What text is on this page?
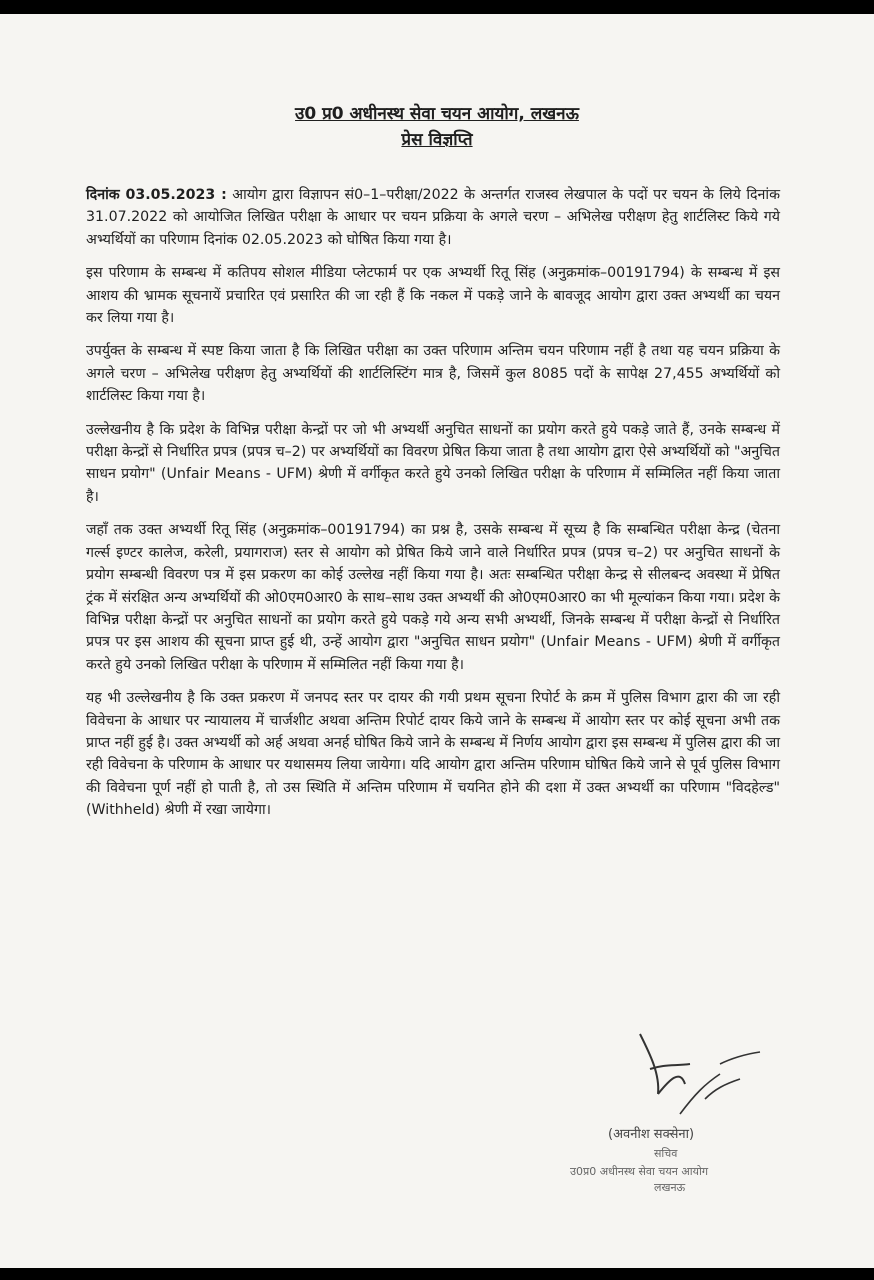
उ0 प्र0 अधीनस्थ सेवा चयन आयोग, लखनऊ
प्रेस विज्ञप्ति

दिनांक 03.05.2023 : आयोग द्वारा विज्ञापन सं0–1–परीक्षा/2022 के अन्तर्गत राजस्व लेखपाल के पदों पर चयन के लिये दिनांक 31.07.2022 को आयोजित लिखित परीक्षा के आधार पर चयन प्रक्रिया के अगले चरण – अभिलेख परीक्षण हेतु शार्टलिस्ट किये गये अभ्यर्थियों का परिणाम दिनांक 02.05.2023 को घोषित किया गया है।

इस परिणाम के सम्बन्ध में कतिपय सोशल मीडिया प्लेटफार्म पर एक अभ्यर्थी रितू सिंह (अनुक्रमांक–00191794) के सम्बन्ध में इस आशय की भ्रामक सूचनायें प्रचारित एवं प्रसारित की जा रही हैं कि नकल में पकड़े जाने के बावजूद आयोग द्वारा उक्त अभ्यर्थी का चयन कर लिया गया है।

उपर्युक्त के सम्बन्ध में स्पष्ट किया जाता है कि लिखित परीक्षा का उक्त परिणाम अन्तिम चयन परिणाम नहीं है तथा यह चयन प्रक्रिया के अगले चरण – अभिलेख परीक्षण हेतु अभ्यर्थियों की शार्टलिस्टिंग मात्र है, जिसमें कुल 8085 पदों के सापेक्ष 27,455 अभ्यर्थियों को शार्टलिस्ट किया गया है।

उल्लेखनीय है कि प्रदेश के विभिन्न परीक्षा केन्द्रों पर जो भी अभ्यर्थी अनुचित साधनों का प्रयोग करते हुये पकड़े जाते हैं, उनके सम्बन्ध में परीक्षा केन्द्रों से निर्धारित प्रपत्र (प्रपत्र च–2) पर अभ्यर्थियों का विवरण प्रेषित किया जाता है तथा आयोग द्वारा ऐसे अभ्यर्थियों को "अनुचित साधन प्रयोग" (Unfair Means - UFM) श्रेणी में वर्गीकृत करते हुये उनको लिखित परीक्षा के परिणाम में सम्मिलित नहीं किया जाता है।

जहाँ तक उक्त अभ्यर्थी रितू सिंह (अनुक्रमांक–00191794) का प्रश्न है, उसके सम्बन्ध में सूच्य है कि सम्बन्धित परीक्षा केन्द्र (चेतना गर्ल्स इण्टर कालेज, करेली, प्रयागराज) स्तर से आयोग को प्रेषित किये जाने वाले निर्धारित प्रपत्र (प्रपत्र च–2) पर अनुचित साधनों के प्रयोग सम्बन्धी विवरण पत्र में इस प्रकरण का कोई उल्लेख नहीं किया गया है। अतः सम्बन्धित परीक्षा केन्द्र से सीलबन्द अवस्था में प्रेषित ट्रंक में संरक्षित अन्य अभ्यर्थियों की ओ0एम0आर0 के साथ–साथ उक्त अभ्यर्थी की ओ0एम0आर0 का भी मूल्यांकन किया गया। प्रदेश के विभिन्न परीक्षा केन्द्रों पर अनुचित साधनों का प्रयोग करते हुये पकड़े गये अन्य सभी अभ्यर्थी, जिनके सम्बन्ध में परीक्षा केन्द्रों से निर्धारित प्रपत्र पर इस आशय की सूचना प्राप्त हुई थी, उन्हें आयोग द्वारा "अनुचित साधन प्रयोग" (Unfair Means - UFM) श्रेणी में वर्गीकृत करते हुये उनको लिखित परीक्षा के परिणाम में सम्मिलित नहीं किया गया है।

यह भी उल्लेखनीय है कि उक्त प्रकरण में जनपद स्तर पर दायर की गयी प्रथम सूचना रिपोर्ट के क्रम में पुलिस विभाग द्वारा की जा रही विवेचना के आधार पर न्यायालय में चार्जशीट अथवा अन्तिम रिपोर्ट दायर किये जाने के सम्बन्ध में आयोग स्तर पर कोई सूचना अभी तक प्राप्त नहीं हुई है। उक्त अभ्यर्थी को अर्ह अथवा अनर्ह घोषित किये जाने के सम्बन्ध में निर्णय आयोग द्वारा इस सम्बन्ध में पुलिस द्वारा की जा रही विवेचना के परिणाम के आधार पर यथासमय लिया जायेगा। यदि आयोग द्वारा अन्तिम परिणाम घोषित किये जाने से पूर्व पुलिस विभाग की विवेचना पूर्ण नहीं हो पाती है, तो उस स्थिति में अन्तिम परिणाम में चयनित होने की दशा में उक्त अभ्यर्थी का परिणाम "विदहेल्ड" (Withheld) श्रेणी में रखा जायेगा।

(अवनीश सक्सेना)
सचिव
उ0प्र0 अधीनस्थ सेवा चयन आयोग
लखनऊ
